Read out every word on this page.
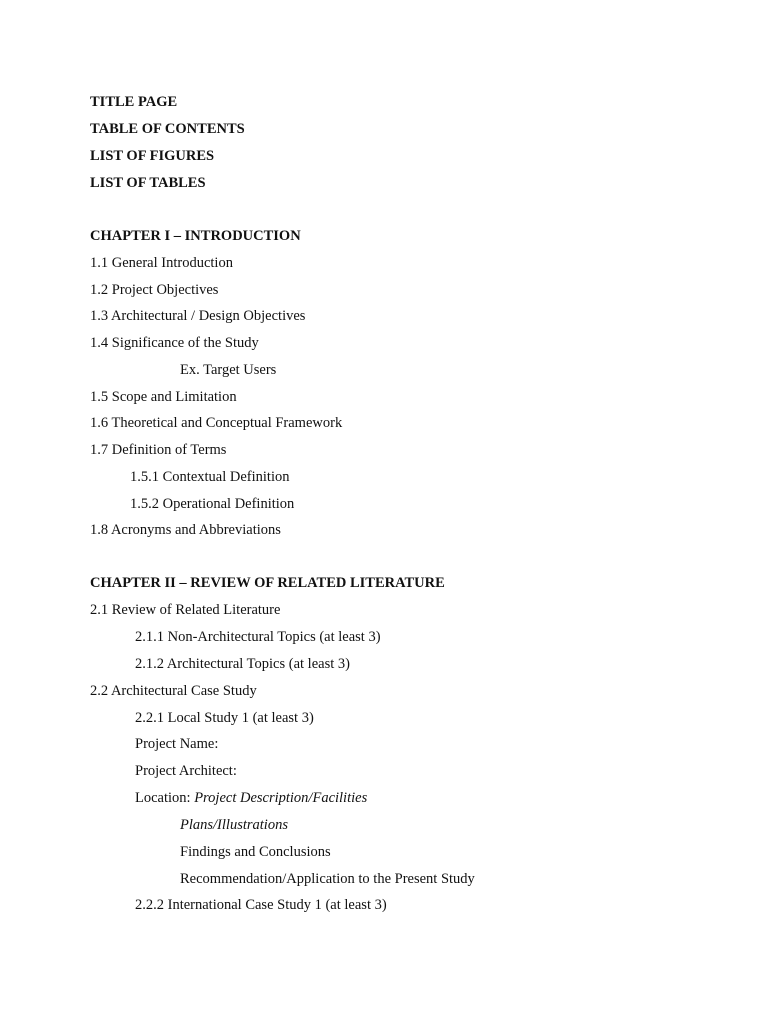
TITLE PAGE
TABLE OF CONTENTS
LIST OF FIGURES
LIST OF TABLES
CHAPTER I – INTRODUCTION
1.1 General Introduction
1.2 Project Objectives
1.3 Architectural / Design Objectives
1.4 Significance of the Study
Ex. Target Users
1.5 Scope and Limitation
1.6 Theoretical and Conceptual Framework
1.7 Definition of Terms
1.5.1 Contextual Definition
1.5.2 Operational Definition
1.8 Acronyms and Abbreviations
CHAPTER II – REVIEW OF RELATED LITERATURE
2.1 Review of Related Literature
2.1.1 Non-Architectural Topics (at least 3)
2.1.2 Architectural Topics (at least 3)
2.2 Architectural Case Study
2.2.1 Local Study 1 (at least 3)
Project Name:
Project Architect:
Location: Project Description/Facilities
Plans/Illustrations
Findings and Conclusions
Recommendation/Application to the Present Study
2.2.2 International Case Study 1 (at least 3)
